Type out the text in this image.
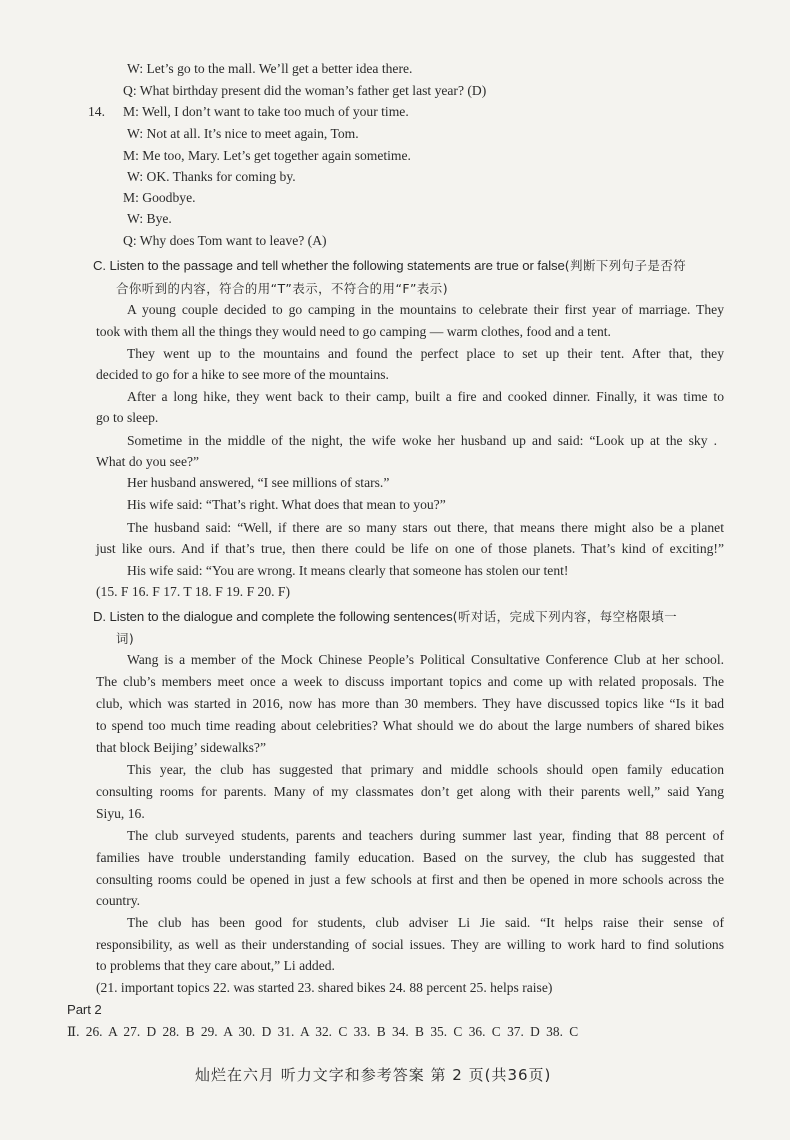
W: Let’s go to the mall. We’ll get a better idea there.
Q: What birthday present did the woman’s father get last year? (D)
14. M: Well, I don’t want to take too much of your time.
W: Not at all. It’s nice to meet again, Tom.
M: Me too, Mary. Let’s get together again sometime.
W: OK. Thanks for coming by.
M: Goodbye.
W: Bye.
Q: Why does Tom want to leave? (A)
C. Listen to the passage and tell whether the following statements are true or false(判断下列句子是否符
合你听到的内容，符合的用“T”表示，不符合的用“F”表示)
A young couple decided to go camping in the mountains to celebrate their first year of marriage. They
took with them all the things they would need to go camping — warm clothes, food and a tent.
They went up to the mountains and found the perfect place to set up their tent. After that, they
decided to go for a hike to see more of the mountains.
After a long hike, they went back to their camp, built a fire and cooked dinner. Finally, it was time to
go to sleep.
Sometime in the middle of the night, the wife woke her husband up and said: “Look up at the sky .
What do you see?”
Her husband answered, “I see millions of stars.”
His wife said: “That’s right. What does that mean to you?”
The husband said: “Well, if there are so many stars out there, that means there might also be a planet
just like ours. And if that’s true, then there could be life on one of those planets. That’s kind of exciting!”
His wife said: “You are wrong. It means clearly that someone has stolen our tent!
(15. F 16. F 17. T 18. F 19. F 20. F)
D. Listen to the dialogue and complete the following sentences(听对话，完成下列内容，每空格限填一
词)
Wang is a member of the Mock Chinese People’s Political Consultative Conference Club at her school.
The club’s members meet once a week to discuss important topics and come up with related proposals. The
club, which was started in 2016, now has more than 30 members. They have discussed topics like “Is it bad
to spend too much time reading about celebrities? What should we do about the large numbers of shared bikes
that block Beijing’ sidewalks?”
This year, the club has suggested that primary and middle schools should open family education
consulting rooms for parents. Many of my classmates don’t get along with their parents well,” said Yang
Siyu, 16.
The club surveyed students, parents and teachers during summer last year, finding that 88 percent of
families have trouble understanding family education. Based on the survey, the club has suggested that
consulting rooms could be opened in just a few schools at first and then be opened in more schools across the
country.
The club has been good for students, club adviser Li Jie said. “It helps raise their sense of
responsibility, as well as their understanding of social issues. They are willing to work hard to find solutions
to problems that they care about,” Li added.
(21. important topics 22. was started 23. shared bikes 24. 88 percent 25. helps raise)
Part 2
Ⅱ. 26. A 27. D 28. B 29. A 30. D 31. A 32. C 33. B 34. B 35. C 36. C 37. D 38. C
灿烂在六月 听力文字和参考答案 第 2 页(共36页)
